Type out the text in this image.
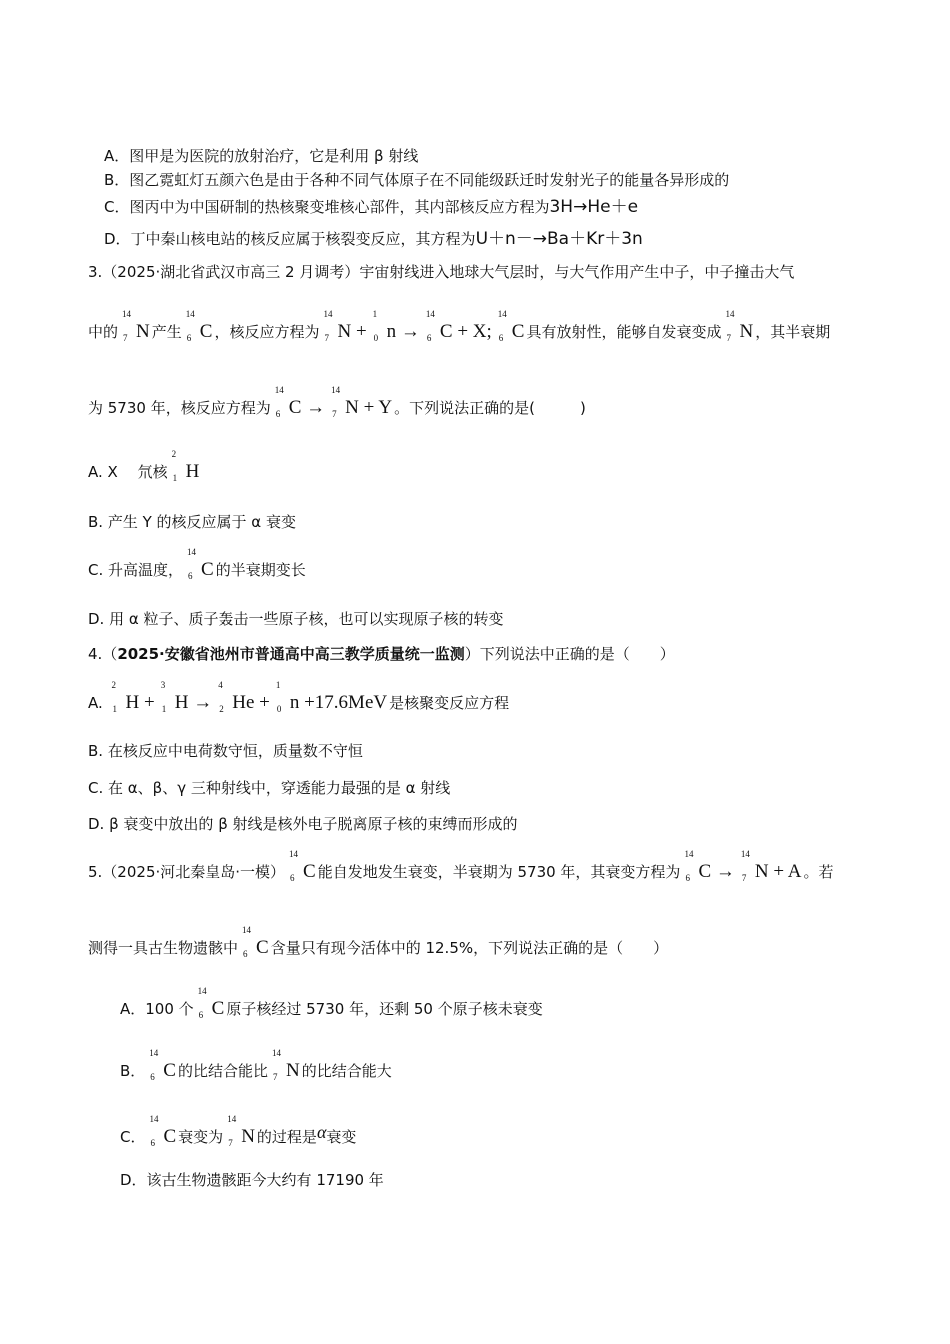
A．图甲是为医院的放射治疗，它是利用 β 射线
B．图乙霓虹灯五颜六色是由于各种不同气体原子在不同能级跃迁时发射光子的能量各异形成的
C．图丙中为中国研制的热核聚变堆核心部件，其内部核反应方程为3H→He＋e
D．丁中秦山核电站的核反应属于核裂变反应，其方程为U＋n－→Ba＋Kr＋3n
3.（2025·湖北省武汉市高三 2 月调考）宇宙射线进入地球大气层时，与大气作用产生中子，中子撞击大气
中的
14
7 N 产生
14
6 C ，核反应方程为
14
7 N +
1
0 n →
14
6 C + X;
14
6 C 具有放射性，能够自发衰变成
14
7 N ，其半衰期
为 5730 年，核反应方程为
14
6 C →
14
7 N + Y 。下列说法正确的是(　　　)
A. X　 氘核
2
1 H
B. 产生 Y 的核反应属于 α 衰变
C. 升高温度，
14
6 C 的半衰期变长
D. 用 α 粒子、质子轰击一些原子核，也可以实现原子核的转变
4.（2025·安徽省池州市普通高中高三教学质量统一监测）下列说法中正确的是（　　）
A.
2
1 H +
3
1 H →
4
2 He +
1
0 n +17.6MeV 是核聚变反应方程
B. 在核反应中电荷数守恒，质量数不守恒
C. 在 α、β、γ 三种射线中，穿透能力最强的是 α 射线
D. β 衰变中放出的 β 射线是核外电子脱离原子核的束缚而形成的
5.（2025·河北秦皇岛·一模）
14
6 C 能自发地发生衰变，半衰期为 5730 年，其衰变方程为
14
6 C →
14
7 N + A 。若
测得一具古生物遗骸中
14
6 C 含量只有现今活体中的 12.5%，下列说法正确的是（　　）
A．100 个
14
6 C 原子核经过 5730 年，还剩 50 个原子核未衰变
B．
14
6 C 的比结合能比
14
7 N 的比结合能大
C．
14
6 C 衰变为
14
7 N 的过程是α衰变
D．该古生物遗骸距今大约有 17190 年
